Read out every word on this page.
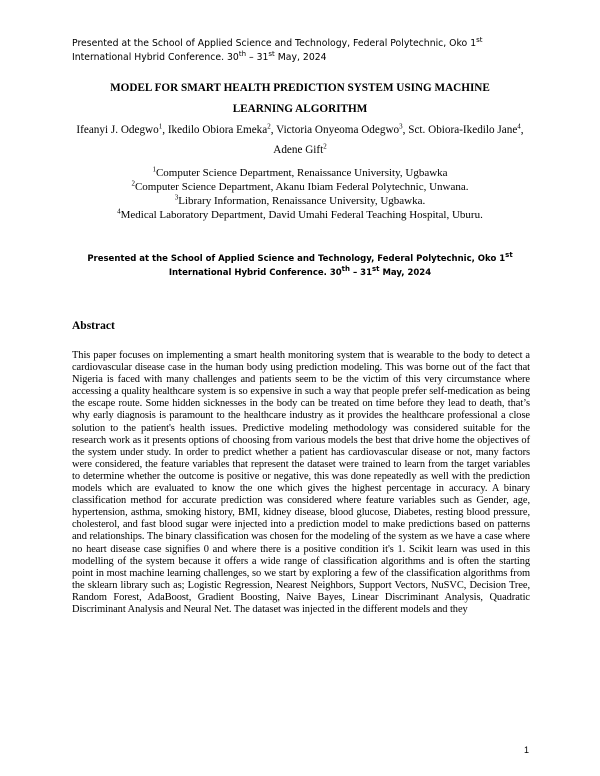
Presented at the School of Applied Science and Technology, Federal Polytechnic, Oko 1st International Hybrid Conference. 30th – 31st May, 2024
MODEL FOR SMART HEALTH PREDICTION SYSTEM USING MACHINE
LEARNING ALGORITHM
Ifeanyi J. Odegwo$^1$, Ikedilo Obiora Emeka$^2$, Victoria Onyeoma Odegwo$^3$, Sct. Obiora-Ikedilo Jane$^4$, Adene Gift$^2$
$^1$Computer Science Department, Renaissance University, Ugbawka
$^2$Computer Science Department, Akanu Ibiam Federal Polytechnic, Unwana.
$^3$Library Information, Renaissance University, Ugbawka.
$^4$Medical Laboratory Department, David Umahi Federal Teaching Hospital, Uburu.
Presented at the School of Applied Science and Technology, Federal Polytechnic, Oko 1st International Hybrid Conference. 30th – 31st May, 2024
Abstract
This paper focuses on implementing a smart health monitoring system that is wearable to the body to detect a cardiovascular disease case in the human body using prediction modeling. This was borne out of the fact that Nigeria is faced with many challenges and patients seem to be the victim of this very circumstance where accessing a quality healthcare system is so expensive in such a way that people prefer self-medication as being the escape route. Some hidden sicknesses in the body can be treated on time before they lead to death, that’s why early diagnosis is paramount to the healthcare industry as it provides the healthcare professional a close solution to the patient's health issues. Predictive modeling methodology was considered suitable for the research work as it presents options of choosing from various models the best that drive home the objectives of the system under study. In order to predict whether a patient has cardiovascular disease or not, many factors were considered, the feature variables that represent the dataset were trained to learn from the target variables to determine whether the outcome is positive or negative, this was done repeatedly as well with the prediction models which are evaluated to know the one which gives the highest percentage in accuracy. A binary classification method for accurate prediction was considered where feature variables such as Gender, age, hypertension, asthma, smoking history, BMI, kidney disease, blood glucose, Diabetes, resting blood pressure, cholesterol, and fast blood sugar were injected into a prediction model to make predictions based on patterns and relationships. The binary classification was chosen for the modeling of the system as we have a case where no heart disease case signifies 0 and where there is a positive condition it's 1. Scikit learn was used in this modelling of the system because it offers a wide range of classification algorithms and is often the starting point in most machine learning challenges, so we start by exploring a few of the classification algorithms from the sklearn library such as; Logistic Regression, Nearest Neighbors, Support Vectors, NuSVC, Decision Tree, Random Forest, AdaBoost, Gradient Boosting, Naive Bayes, Linear Discriminant Analysis, Quadratic Discriminant Analysis and Neural Net. The dataset was injected in the different models and they
1
